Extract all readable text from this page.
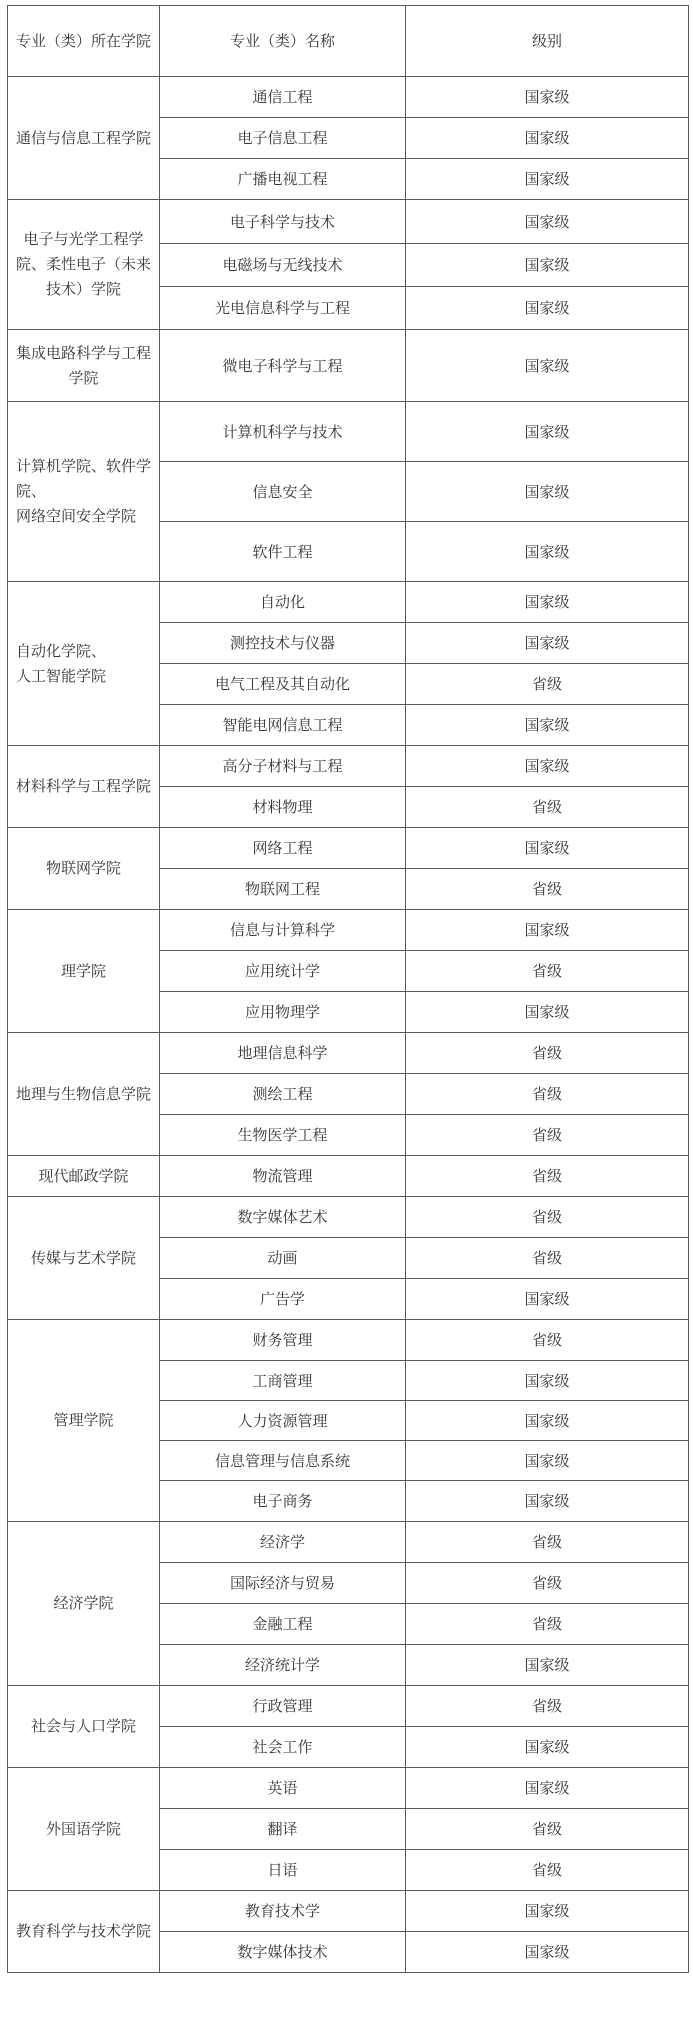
专业（类）所在学院	专业（类）名称	级别
通信与信息工程学院	通信工程	国家级
	电子信息工程	国家级
	广播电视工程	国家级
电子与光学工程学院、柔性电子（未来技术）学院	电子科学与技术	国家级
	电磁场与无线技术	国家级
	光电信息科学与工程	国家级
集成电路科学与工程学院	微电子科学与工程	国家级
计算机学院、软件学院、
网络空间安全学院	计算机科学与技术	国家级
	信息安全	国家级
	软件工程	国家级
自动化学院、
人工智能学院	自动化	国家级
	测控技术与仪器	国家级
	电气工程及其自动化	省级
	智能电网信息工程	国家级
材料科学与工程学院	高分子材料与工程	国家级
	材料物理	省级
物联网学院	网络工程	国家级
	物联网工程	省级
理学院	信息与计算科学	国家级
	应用统计学	省级
	应用物理学	国家级
地理与生物信息学院	地理信息科学	省级
	测绘工程	省级
	生物医学工程	省级
现代邮政学院	物流管理	省级
传媒与艺术学院	数字媒体艺术	省级
	动画	省级
	广告学	国家级
管理学院	财务管理	省级
	工商管理	国家级
	人力资源管理	国家级
	信息管理与信息系统	国家级
	电子商务	国家级
经济学院	经济学	省级
	国际经济与贸易	省级
	金融工程	省级
	经济统计学	国家级
社会与人口学院	行政管理	省级
	社会工作	国家级
外国语学院	英语	国家级
	翻译	省级
	日语	省级
教育科学与技术学院	教育技术学	国家级
	数字媒体技术	国家级
